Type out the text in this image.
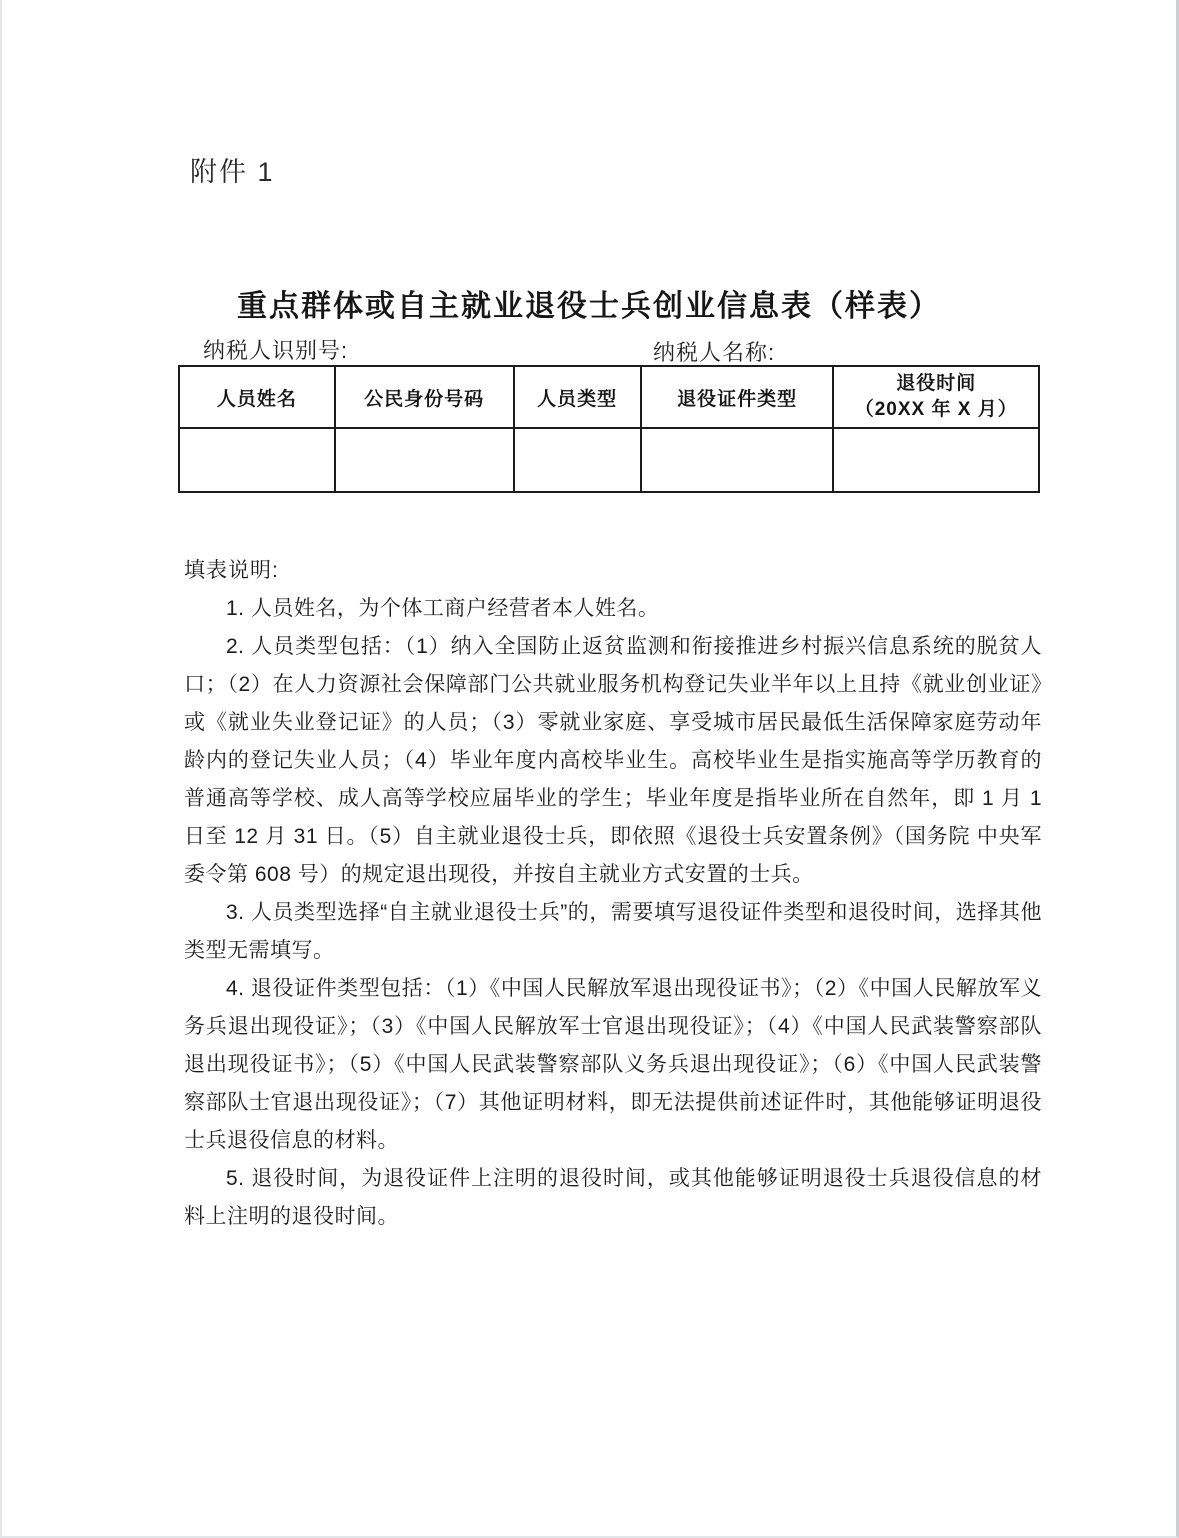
附件 1
重点群体或自主就业退役士兵创业信息表（样表）
纳税人识别号:	纳税人名称:
人员姓名	公民身份号码	人员类型	退役证件类型	退役时间
（20XX 年 X 月）

填表说明:

1. 人员姓名，为个体工商户经营者本人姓名。

2. 人员类型包括：（1）纳入全国防止返贫监测和衔接推进乡村振兴信息系统的脱贫人口；（2）在人力资源社会保障部门公共就业服务机构登记失业半年以上且持《就业创业证》或《就业失业登记证》的人员；（3）零就业家庭、享受城市居民最低生活保障家庭劳动年龄内的登记失业人员；（4）毕业年度内高校毕业生。高校毕业生是指实施高等学历教育的普通高等学校、成人高等学校应届毕业的学生；毕业年度是指毕业所在自然年，即 1 月 1 日至 12 月 31 日。（5）自主就业退役士兵，即依照《退役士兵安置条例》（国务院 中央军委令第 608 号）的规定退出现役，并按自主就业方式安置的士兵。

3. 人员类型选择“自主就业退役士兵”的，需要填写退役证件类型和退役时间，选择其他类型无需填写。

4. 退役证件类型包括：（1）《中国人民解放军退出现役证书》；（2）《中国人民解放军义务兵退出现役证》；（3）《中国人民解放军士官退出现役证》；（4）《中国人民武装警察部队退出现役证书》；（5）《中国人民武装警察部队义务兵退出现役证》；（6）《中国人民武装警察部队士官退出现役证》；（7）其他证明材料，即无法提供前述证件时，其他能够证明退役士兵退役信息的材料。

5. 退役时间，为退役证件上注明的退役时间，或其他能够证明退役士兵退役信息的材料上注明的退役时间。
